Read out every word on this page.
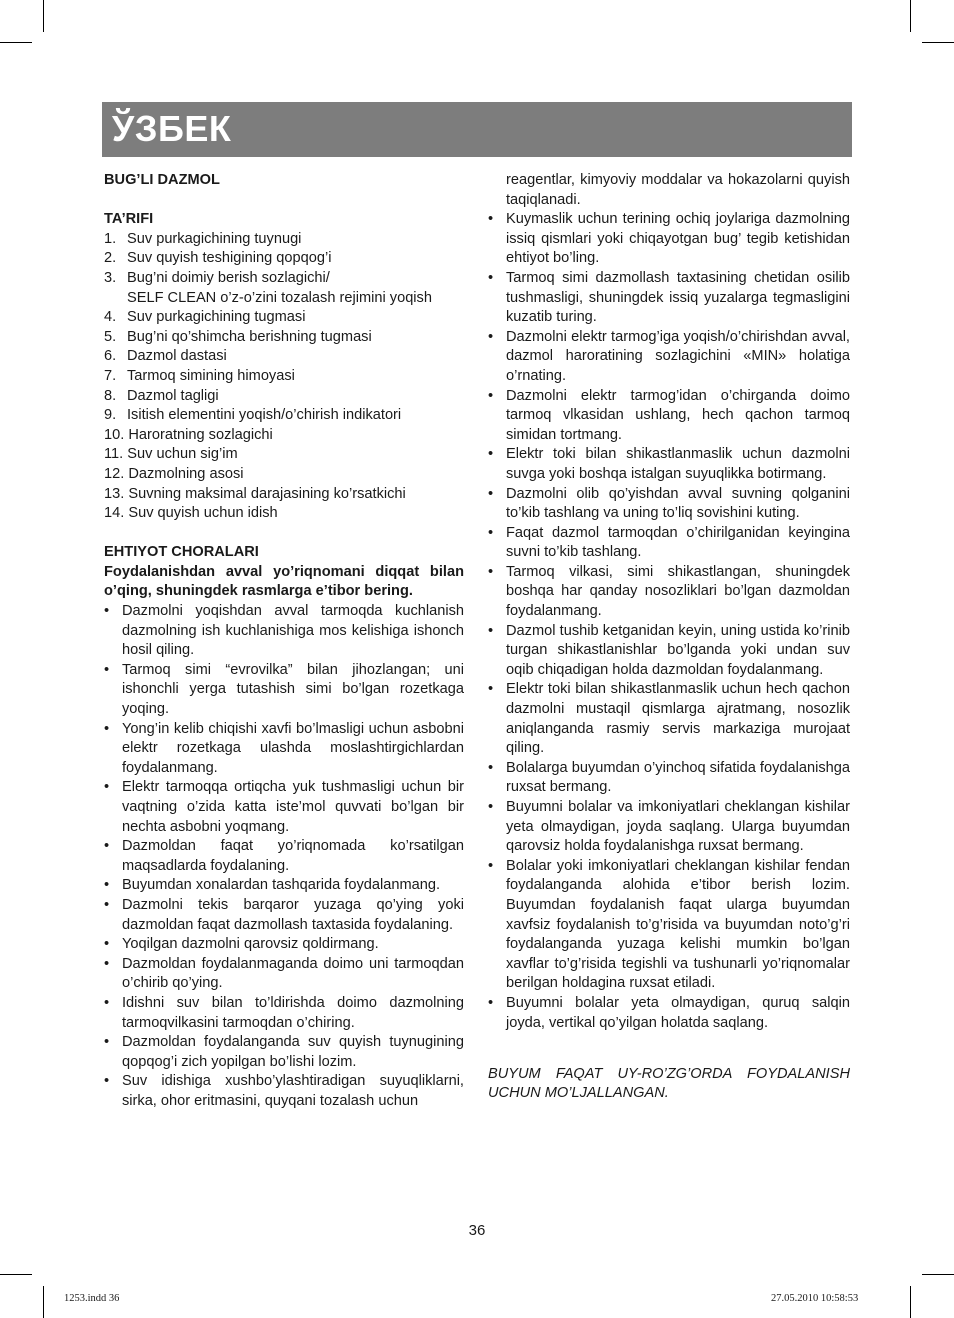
ЎЗБЕК

BUG’LI DAZMOL

TA’RIFI

1. Suv purkagichining tuynugi
2. Suv quyish teshigining qopqog’i
3. Bug’ni doimiy berish sozlagichi/
SELF CLEAN o’z-o’zini tozalash rejimini yoqish
4. Suv purkagichining tugmasi
5. Bug’ni qo’shimcha berishning tugmasi
6. Dazmol dastasi
7. Tarmoq simining himoyasi
8. Dazmol tagligi
9. Isitish elementini yoqish/o’chirish indikatori
10. Haroratning sozlagichi
11. Suv uchun sig’im
12. Dazmolning asosi
13. Suvning maksimal darajasining ko’rsatkichi
14. Suv quyish uchun idish

EHTIYOT CHORALARI

Foydalanishdan avval yo’riqnomani diqqat bilan o’qing, shuningdek rasmlarga e’tibor bering.

• Dazmolni yoqishdan avval tarmoqda kuchlanish dazmolning ish kuchlanishiga mos kelishiga ishonch hosil qiling.
• Tarmoq simi “evrovilka” bilan jihozlangan; uni ishonchli yerga tutashish simi bo’lgan rozetkaga yoqing.
• Yong’in kelib chiqishi xavfi bo’lmasligi uchun asbobni elektr rozetkaga ulashda moslashtirgichlardan foydalanmang.
• Elektr tarmoqqa ortiqcha yuk tushmasligi uchun bir vaqtning o’zida katta iste’mol quvvati bo’lgan bir nechta asbobni yoqmang.
• Dazmoldan faqat yo’riqnomada ko’rsatilgan maqsadlarda foydalaning.
• Buyumdan xonalardan tashqarida foydalanmang.
• Dazmolni tekis barqaror yuzaga qo’ying yoki dazmoldan faqat dazmollash taxtasida foydalaning.
• Yoqilgan dazmolni qarovsiz qoldirmang.
• Dazmoldan foydalanmaganda doimo uni tarmoqdan o’chirib qo’ying.
• Idishni suv bilan to’ldirishda doimo dazmolning tarmoqvilkasini tarmoqdan o’chiring.
• Dazmoldan foydalanganda suv quyish tuynugining qopqog’i zich yopilgan bo’lishi lozim.
• Suv idishiga xushbo’ylashtiradigan suyuqliklarni, sirka, ohor eritmasini, quyqani tozalash uchun

reagentlar, kimyoviy moddalar va hokazolarni quyish taqiqlanadi.

• Kuymaslik uchun terining ochiq joylariga dazmolning issiq qismlari yoki chiqayotgan bug’ tegib ketishidan ehtiyot bo’ling.
• Tarmoq simi dazmollash taxtasining chetidan osilib tushmasligi, shuningdek issiq yuzalarga tegmasligini kuzatib turing.
• Dazmolni elektr tarmog’iga yoqish/o’chirishdan avval, dazmol haroratining sozlagichini «MIN» holatiga o’rnating.
• Dazmolni elektr tarmog’idan o’chirganda doimo tarmoq vlkasidan ushlang, hech qachon tarmoq simidan tortmang.
• Elektr toki bilan shikastlanmaslik uchun dazmolni suvga yoki boshqa istalgan suyuqlikka botirmang.
• Dazmolni olib qo’yishdan avval suvning qolganini to’kib tashlang va uning to’liq sovishini kuting.
• Faqat dazmol tarmoqdan o’chirilganidan keyingina suvni to’kib tashlang.
• Tarmoq vilkasi, simi shikastlangan, shuningdek boshqa har qanday nosozliklari bo’lgan dazmoldan foydalanmang.
• Dazmol tushib ketganidan keyin, uning ustida ko’rinib turgan shikastlanishlar bo’lganda yoki undan suv oqib chiqadigan holda dazmoldan foydalanmang.
• Elektr toki bilan shikastlanmaslik uchun hech qachon dazmolni mustaqil qismlarga ajratmang, nosozlik aniqlanganda rasmiy servis markaziga murojaat qiling.
• Bolalarga buyumdan o’yinchoq sifatida foydalanishga ruxsat bermang.
• Buyumni bolalar va imkoniyatlari cheklangan kishilar yeta olmaydigan, joyda saqlang. Ularga buyumdan qarovsiz holda foydalanishga ruxsat bermang.
• Bolalar yoki imkoniyatlari cheklangan kishilar fendan foydalanganda alohida e’tibor berish lozim. Buyumdan foydalanish faqat ularga buyumdan xavfsiz foydalanish to’g’risida va buyumdan noto’g’ri foydalanganda yuzaga kelishi mumkin bo’lgan xavflar to’g’risida tegishli va tushunarli yo’riqnomalar berilgan holdagina ruxsat etiladi.
• Buyumni bolalar yeta olmaydigan, quruq salqin joyda, vertikal qo’yilgan holatda saqlang.

BUYUM FAQAT UY-RO’ZG’ORDA FOYDALANISH UCHUN MO’LJALLANGAN.

36
1253.indd 36	27.05.2010 10:58:53
